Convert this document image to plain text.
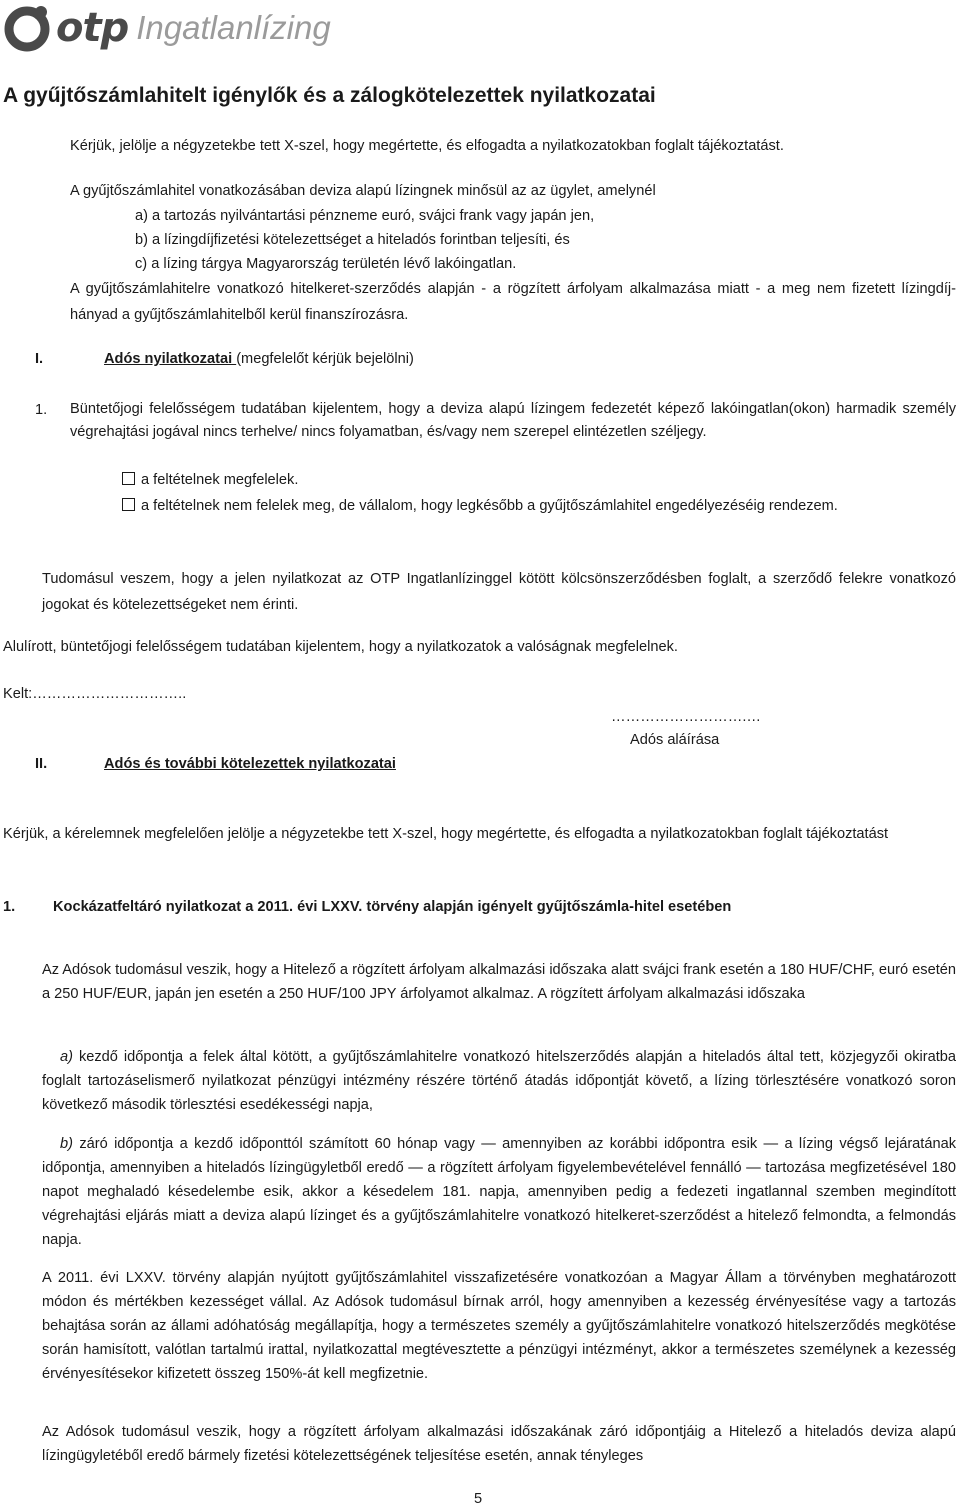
otp Ingatlanlízing
A gyűjtőszámlahitelt igénylők és a zálogkötelezettek nyilatkozatai
Kérjük, jelölje a négyzetekbe tett X-szel, hogy megértette, és elfogadta a nyilatkozatokban foglalt tájékoztatást.
A gyűjtőszámlahitel vonatkozásában deviza alapú lízingnek minősül az az ügylet, amelynél
a) a tartozás nyilvántartási pénzneme euró, svájci frank vagy japán jen,
b) a lízingdíjfizetési kötelezettséget a hiteladós forintban teljesíti, és
c) a lízing tárgya Magyarország területén lévő lakóingatlan.
A gyűjtőszámlahitelre vonatkozó hitelkeret-szerződés alapján - a rögzített árfolyam alkalmazása miatt - a meg nem fizetett lízingdíj-hányad a gyűjtőszámlahitelből kerül finanszírozásra.
I.	Adós nyilatkozatai (megfelelőt kérjük bejelölni)
1. Büntetőjogi felelősségem tudatában kijelentem, hogy a deviza alapú lízingem fedezetét képező lakóingatlan(okon) harmadik személy végrehajtási jogával nincs terhelve/ nincs folyamatban, és/vagy nem szerepel elintézetlen széljegy.
a feltételnek megfelelek.
a feltételnek nem felelek meg, de vállalom, hogy legkésőbb a gyűjtőszámlahitel engedélyezéséig rendezem.
Tudomásul veszem, hogy a jelen nyilatkozat az OTP Ingatlanlízinggel kötött kölcsönszerződésben foglalt, a szerződő felekre vonatkozó jogokat és kötelezettségeket nem érinti.
Alulírott, büntetőjogi felelősségem tudatában kijelentem, hogy a nyilatkozatok a valóságnak megfelelnek.
Kelt:…………………………..
……………………….…
Adós aláírása
II.	Adós és további kötelezettek nyilatkozatai
Kérjük, a kérelemnek megfelelően jelölje a négyzetekbe tett X-szel, hogy megértette, és elfogadta a nyilatkozatokban foglalt tájékoztatást
1.	Kockázatfeltáró nyilatkozat a 2011. évi LXXV. törvény alapján igényelt gyűjtőszámla-hitel esetében
Az Adósok tudomásul veszik, hogy a Hitelező a rögzített árfolyam alkalmazási időszaka alatt svájci frank esetén a 180 HUF/CHF, euró esetén a 250 HUF/EUR, japán jen esetén a 250 HUF/100 JPY árfolyamot alkalmaz. A rögzített árfolyam alkalmazási időszaka
a) kezdő időpontja a felek által kötött, a gyűjtőszámlahitelre vonatkozó hitelszerződés alapján a hiteladós által tett, közjegyzői okiratba foglalt tartozáselismerő nyilatkozat pénzügyi intézmény részére történő átadás időpontját követő, a lízing törlesztésére vonatkozó soron következő második törlesztési esedékességi napja,
b) záró időpontja a kezdő időponttól számított 60 hónap vagy — amennyiben az korábbi időpontra esik — a lízing végső lejáratának időpontja, amennyiben a hiteladós lízingügyletből eredő — a rögzített árfolyam figyelembevételével fennálló — tartozása megfizetésével 180 napot meghaladó késedelembe esik, akkor a késedelem 181. napja, amennyiben pedig a fedezeti ingatlannal szemben megindított végrehajtási eljárás miatt a deviza alapú lízinget és a gyűjtőszámlahitelre vonatkozó hitelkeret-szerződést a hitelező felmondta, a felmondás napja.
A 2011. évi LXXV. törvény alapján nyújtott gyűjtőszámlahitel visszafizetésére vonatkozóan a Magyar Állam a törvényben meghatározott módon és mértékben kezességet vállal. Az Adósok tudomásul bírnak arról, hogy amennyiben a kezesség érvényesítése vagy a tartozás behajtása során az állami adóhatóság megállapítja, hogy a természetes személy a gyűjtőszámlahitelre vonatkozó hitelszerződés megkötése során hamisított, valótlan tartalmú irattal, nyilatkozattal megtévesztette a pénzügyi intézményt, akkor a természetes személynek a kezesség érvényesítésekor kifizetett összeg 150%-át kell megfizetnie.
Az Adósok tudomásul veszik, hogy a rögzített árfolyam alkalmazási időszakának záró időpontjáig a Hitelező a hiteladós deviza alapú lízingügyletéből eredő bármely fizetési kötelezettségének teljesítése esetén, annak tényleges
5
